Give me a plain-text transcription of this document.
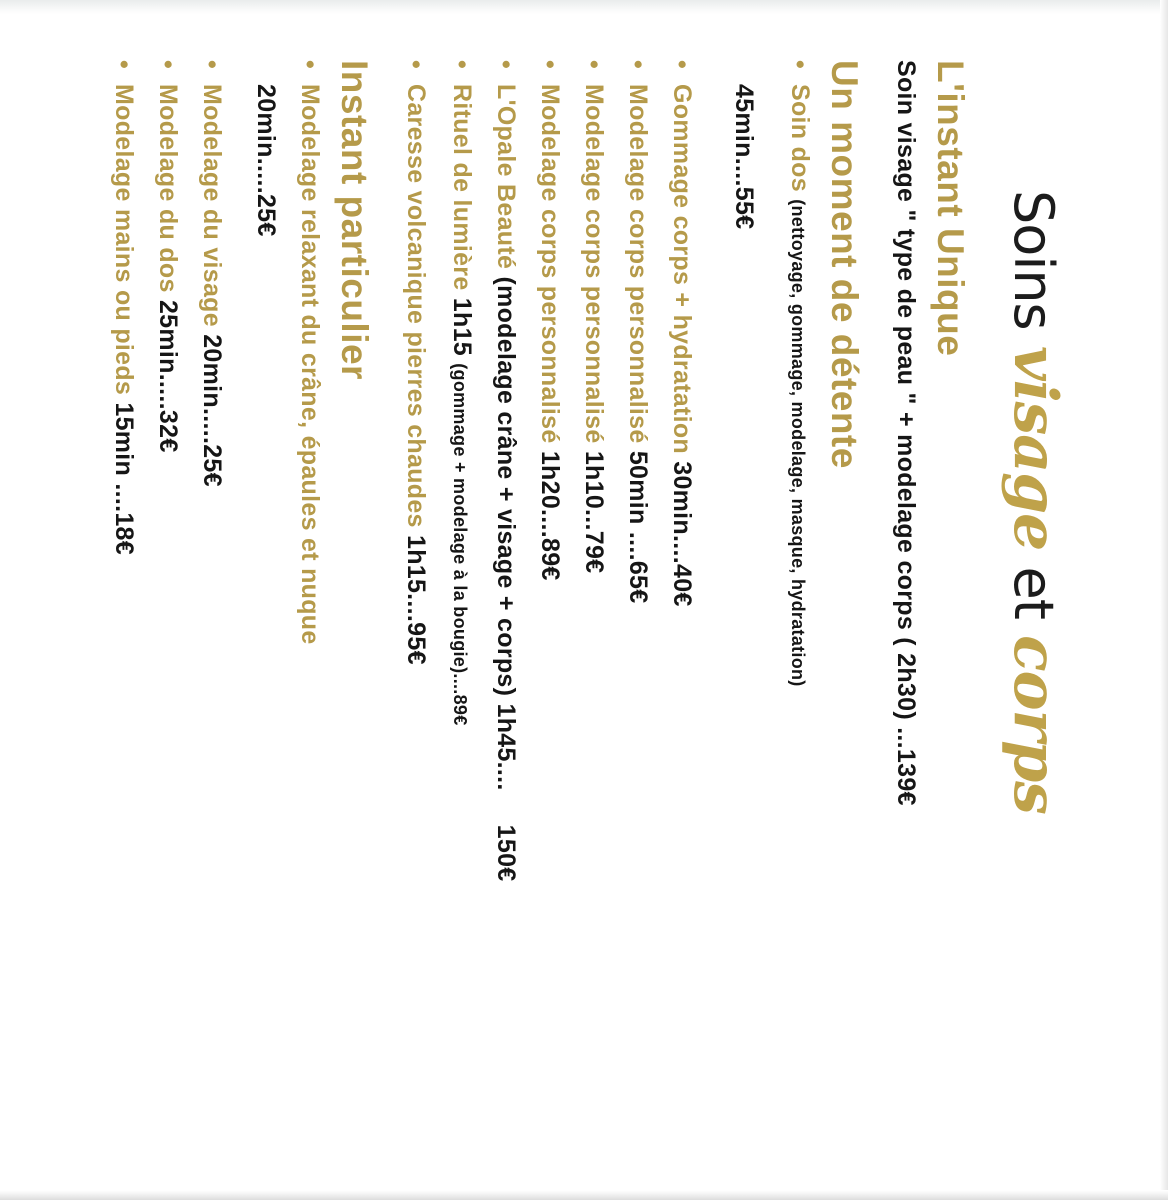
Soins visage et corps
L'instant Unique

Soin visage " type de peau " + modelage corps ( 2h30) ...139€

Un moment de détente

•Soin dos (nettoyage, gommage, modelage, masque, hydratation)

45min....55€

•Gommage corps + hydratation 30min....40€

•Modelage corps personnalisé 50min ....65€

•Modelage corps personnalisé 1h10...79€

•Modelage corps personnalisé 1h20....89€

•L'Opale Beauté (modelage crâne + visage + corps) 1h45....150€

•Rituel de lumière 1h15 (gommage + modelage à la bougie)....89€

•Caresse volcanique pierres chaudes 1h15....95€

Instant particulier

•Modelage relaxant du crâne, épaules et nuque

20min.....25€

•Modelage du visage 20min.....25€

•Modelage du dos 25min.....32€

•Modelage mains ou pieds 15min ....18€
